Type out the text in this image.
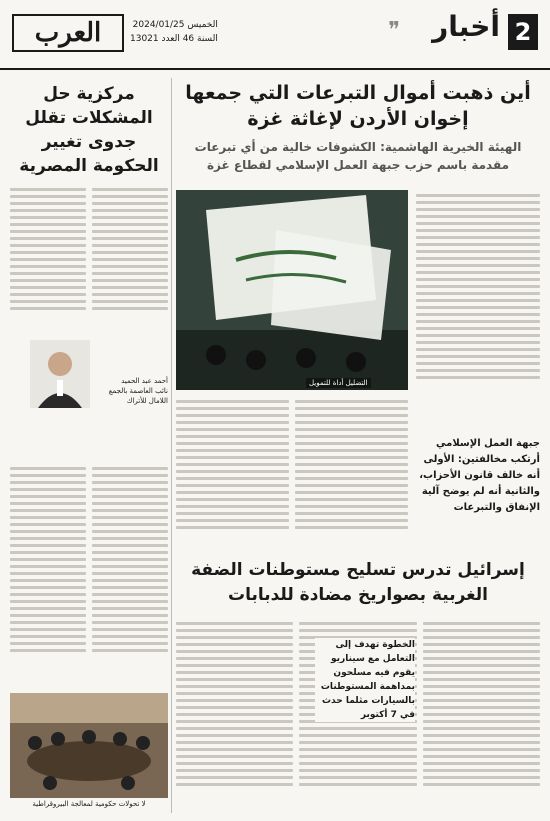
2
أخبار
❞
الخميس 2024/01/25
السنة 46 العدد 13021
العرب
مركزية حل المشكلات تقلل جدوى تغيير الحكومة المصرية
أحمد عبد الحميد
نائب العاصمة بالجمع اللامال للأتراك
لا تحولات حكومية لمعالجة البيروقراطية
أين ذهبت أموال التبرعات التي جمعها إخوان الأردن لإغاثة غزة
الهيئة الخيرية الهاشمية: الكشوفات خالية من أي تبرعات مقدمة باسم حزب جبهة العمل الإسلامي لقطاع غزة
التضليل أداة للتمويل
جبهة العمل الإسلامي أرتكب مخالفتين: الأولى أنه خالف قانون الأحزاب، والثانية أنه لم يوضح آلية الإنفاق والتبرعات
إسرائيل تدرس تسليح مستوطنات الضفة الغربية بصواريخ مضادة للدبابات
الخطوة تهدف إلى التعامل مع سيناريو يقوم فيه مسلحون بمداهمة المستوطنات بالسيارات مثلما حدث في 7 أكتوبر
